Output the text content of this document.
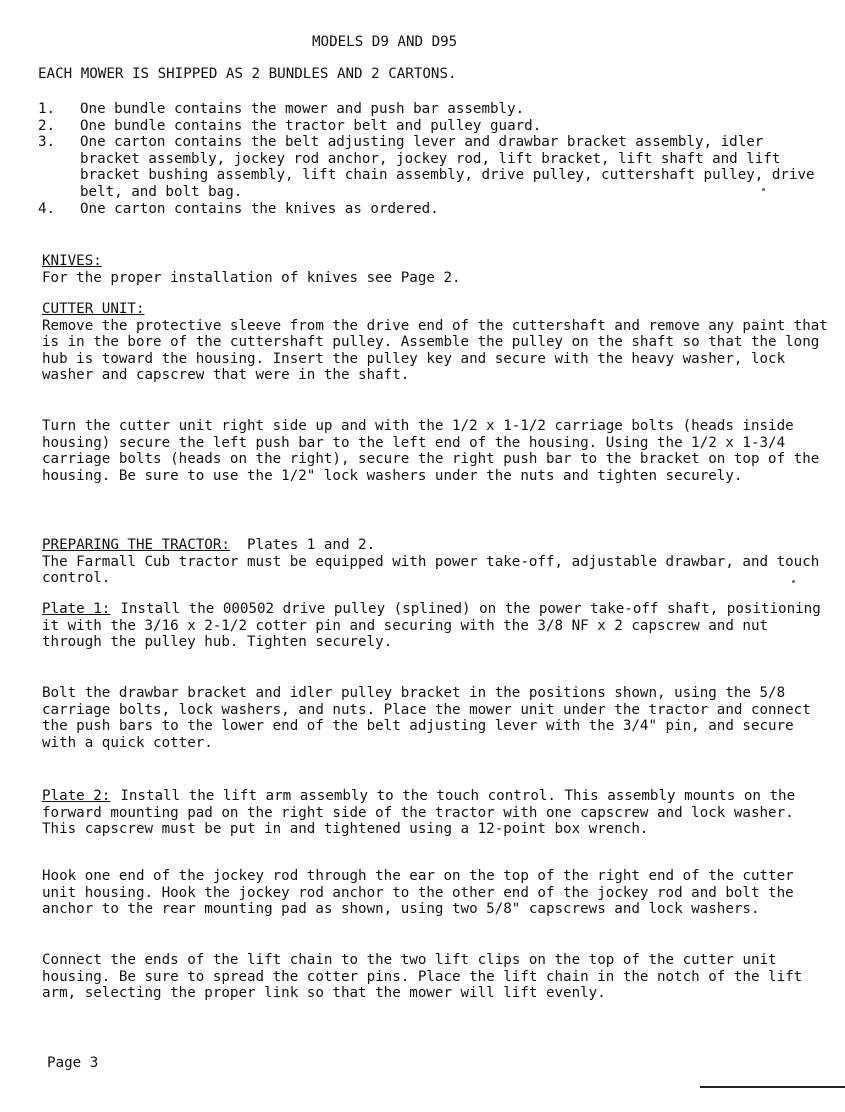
MODELS D9 AND D95
EACH MOWER IS SHIPPED AS 2 BUNDLES AND 2 CARTONS.
1.	One bundle contains the mower and push bar assembly.
2.	One bundle contains the tractor belt and pulley guard.
3.	One carton contains the belt adjusting lever and drawbar bracket assembly, idler bracket assembly, jockey rod anchor, jockey rod, lift bracket, lift shaft and lift bracket bushing assembly, lift chain assembly, drive pulley, cuttershaft pulley, drive belt, and bolt bag.
4.	One carton contains the knives as ordered.

KNIVES:

For the proper installation of knives see Page 2.

CUTTER UNIT:

Remove the protective sleeve from the drive end of the cuttershaft and remove any paint that is in the bore of the cuttershaft pulley. Assemble the pulley on the shaft so that the long hub is toward the housing. Insert the pulley key and secure with the heavy washer, lock washer and capscrew that were in the shaft.

Turn the cutter unit right side up and with the 1/2 x 1-1/2 carriage bolts (heads inside housing) secure the left push bar to the left end of the housing. Using the 1/2 x 1-3/4 carriage bolts (heads on the right), secure the right push bar to the bracket on top of the housing. Be sure to use the 1/2" lock washers under the nuts and tighten securely.

PREPARING THE TRACTOR: Plates 1 and 2.

The Farmall Cub tractor must be equipped with power take-off, adjustable drawbar, and touch control.

Plate 1: Install the 000502 drive pulley (splined) on the power take-off shaft, positioning it with the 3/16 x 2-1/2 cotter pin and securing with the 3/8 NF x 2 capscrew and nut through the pulley hub. Tighten securely.

Bolt the drawbar bracket and idler pulley bracket in the positions shown, using the 5/8 carriage bolts, lock washers, and nuts. Place the mower unit under the tractor and connect the push bars to the lower end of the belt adjusting lever with the 3/4" pin, and secure with a quick cotter.

Plate 2: Install the lift arm assembly to the touch control. This assembly mounts on the forward mounting pad on the right side of the tractor with one capscrew and lock washer. This capscrew must be put in and tightened using a 12-point box wrench.

Hook one end of the jockey rod through the ear on the top of the right end of the cutter unit housing. Hook the jockey rod anchor to the other end of the jockey rod and bolt the anchor to the rear mounting pad as shown, using two 5/8" capscrews and lock washers.

Connect the ends of the lift chain to the two lift clips on the top of the cutter unit housing. Be sure to spread the cotter pins. Place the lift chain in the notch of the lift arm, selecting the proper link so that the mower will lift evenly.

Page 3
